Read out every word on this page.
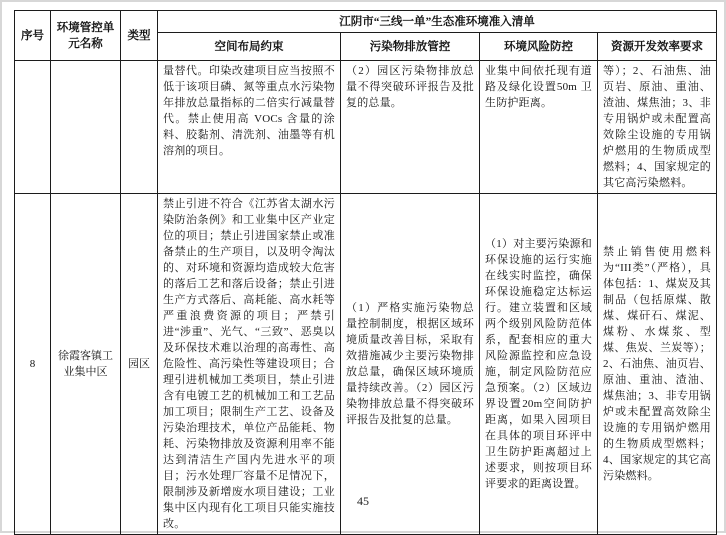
序号	环境管控单元名称	类型	江阴市“三线一单”生态准环境准入清单			
			空间布局约束	污染物排放管控	环境风险防控	资源开发效率要求
			量替代。印染改建项目应当按照不低于该项目磷、氮等重点水污染物年排放总量指标的二倍实行减量替代。禁止使用高 VOCs 含量的涂料、胶黏剂、清洗剂、油墨等有机溶剂的项目。	（2）园区污染物排放总量不得突破环评报告及批复的总量。	业集中间依托现有道路及绿化设置50m 卫生防护距离。	等）；2、石油焦、油页岩、原油、重油、渣油、煤焦油；3、非专用锅炉或未配置高效除尘设施的专用锅炉燃用的生物质成型燃料；4、国家规定的其它高污染燃料。
8	徐霞客镇工业集中区	园区	禁止引进不符合《江苏省太湖水污染防治条例》和工业集中区产业定位的项目；禁止引进国家禁止或准备禁止的生产项目，以及明令淘汰的、对环境和资源均造成较大危害的落后工艺和落后设备；禁止引进生产方式落后、高耗能、高水耗等严重浪费资源的项目；严禁引进“涉重”、光气、“三致”、恶臭以及环保技术难以治理的高毒性、高危险性、高污染性等建设项目；合理引进机械加工类项目，禁止引进含有电镀工艺的机械加工和工艺品加工项目；限制生产工艺、设备及污染治理技术，单位产品能耗、物耗、污染物排放及资源利用率不能达到清洁生产国内先进水平的项目；污水处理厂容量不足情况下，限制涉及新增废水项目建设；工业集中区内现有化工项目只能实施技改。	（1）严格实施污染物总量控制制度，根据区域环境质量改善目标，采取有效措施减少主要污染物排放总量，确保区域环境质量持续改善。（2）园区污染物排放总量不得突破环评报告及批复的总量。	（1）对主要污染源和环保设施的运行实施在线实时监控，确保环保设施稳定达标运行。建立装置和区域两个级别风险防范体系，配套相应的重大风险源监控和应急设施，制定风险防范应急预案。（2）区域边界设置20m空间防护距离，如果入园项目在具体的项目环评中卫生防护距离超过上述要求，则按项目环评要求的距离设置。	禁止销售使用燃料为“III类”（严格），具体包括：1、煤炭及其制品（包括原煤、散煤、煤矸石、煤泥、煤粉、水煤浆、型煤、焦炭、兰炭等）；2、石油焦、油页岩、原油、重油、渣油、煤焦油；3、非专用锅炉或未配置高效除尘设施的专用锅炉燃用的生物质成型燃料；4、国家规定的其它高污染燃料。
45
